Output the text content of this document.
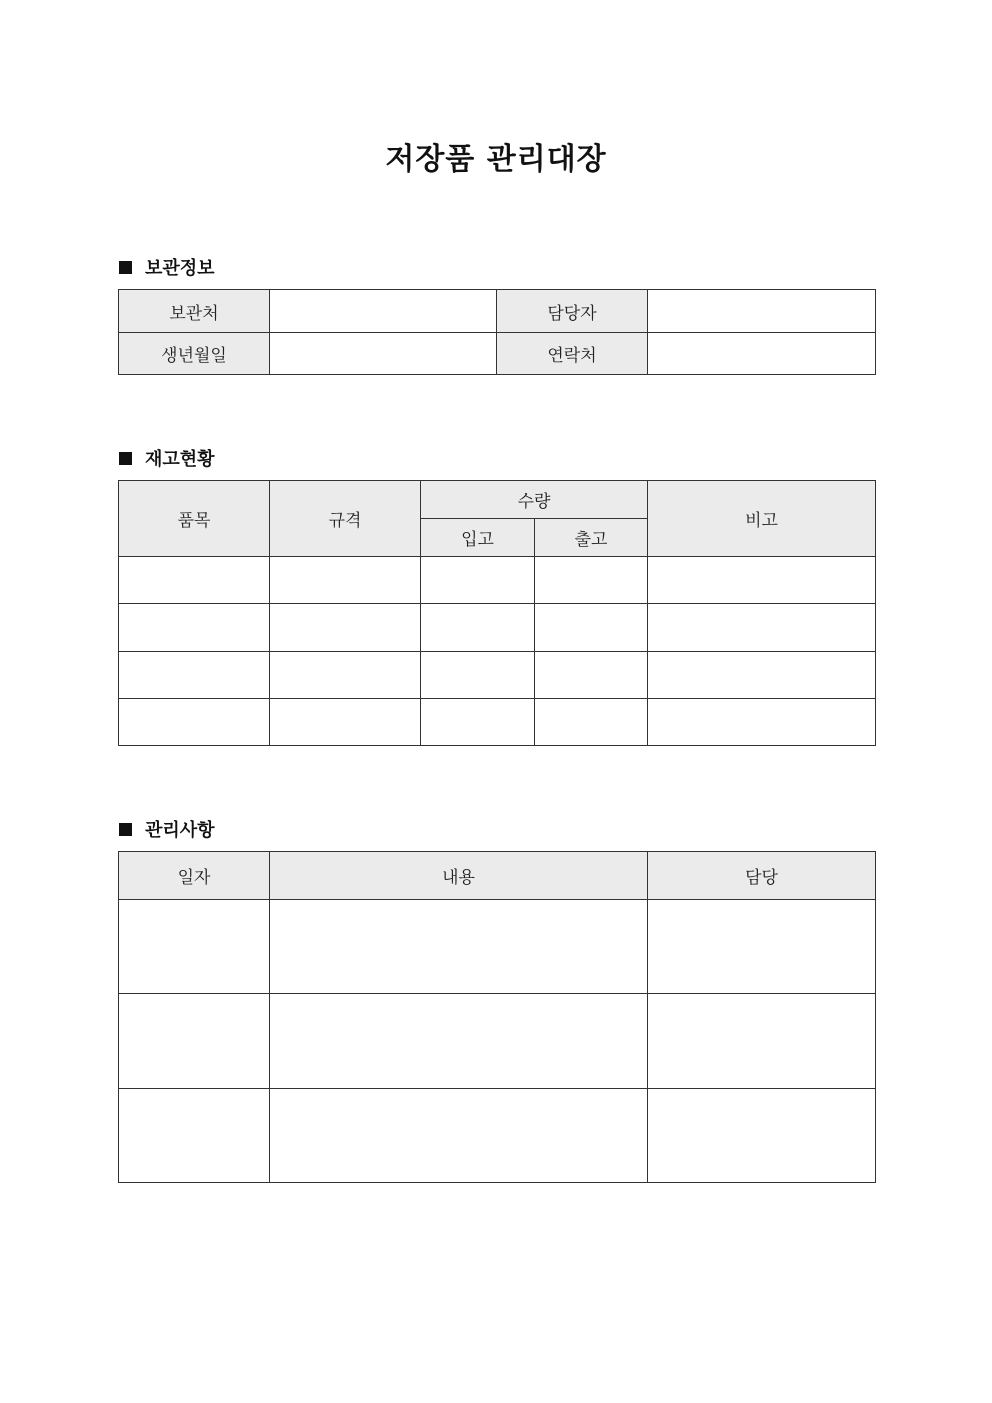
저장품 관리대장
보관정보
보관처		담당자	
생년월일		연락처	
재고현황
품목	규격	수량		비고
		입고	출고	

관리사항
일자	내용	담당
